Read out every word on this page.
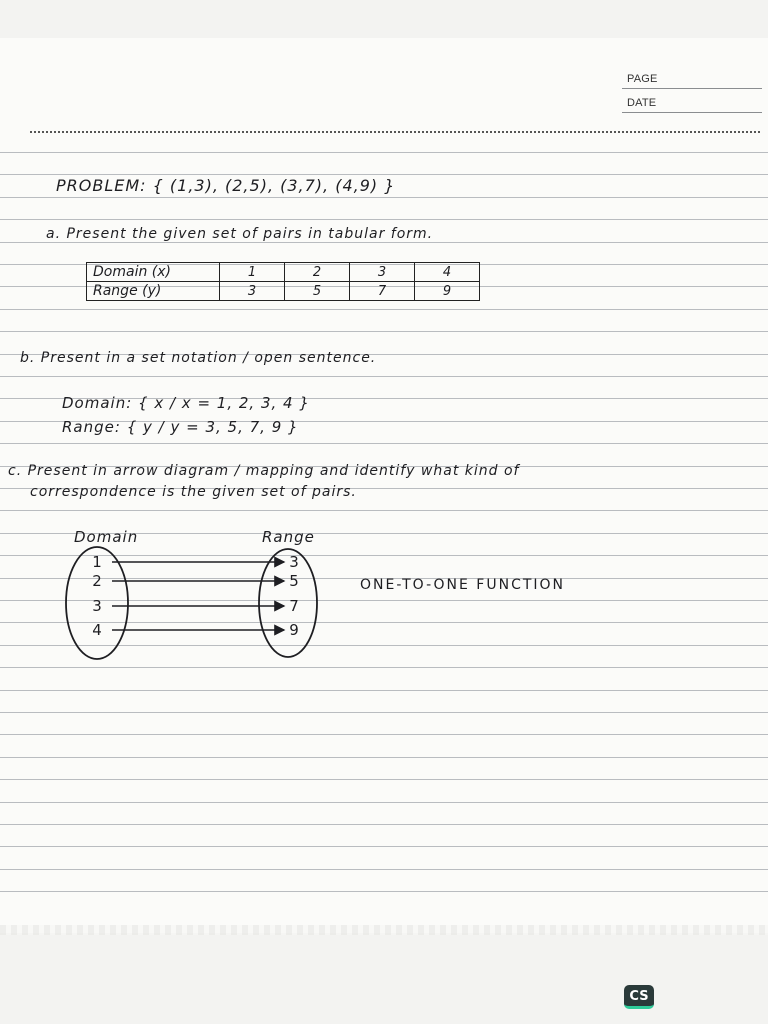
PAGE
DATE
PROBLEM: { (1,3), (2,5), (3,7), (4,9) }
a. Present the given set of pairs in tabular form.
Domain (x)	1	2	3	4
Range (y)	3	5	7	9
b. Present in a set notation / open sentence.
Domain: { x / x = 1, 2, 3, 4 }
Range: { y / y = 3, 5, 7, 9 }
c. Present in arrow diagram / mapping and identify what kind of
correspondence is the given set of pairs.
Domain	Range
1
2
3
4
3
5
7
9
ONE-TO-ONE FUNCTION
CS
